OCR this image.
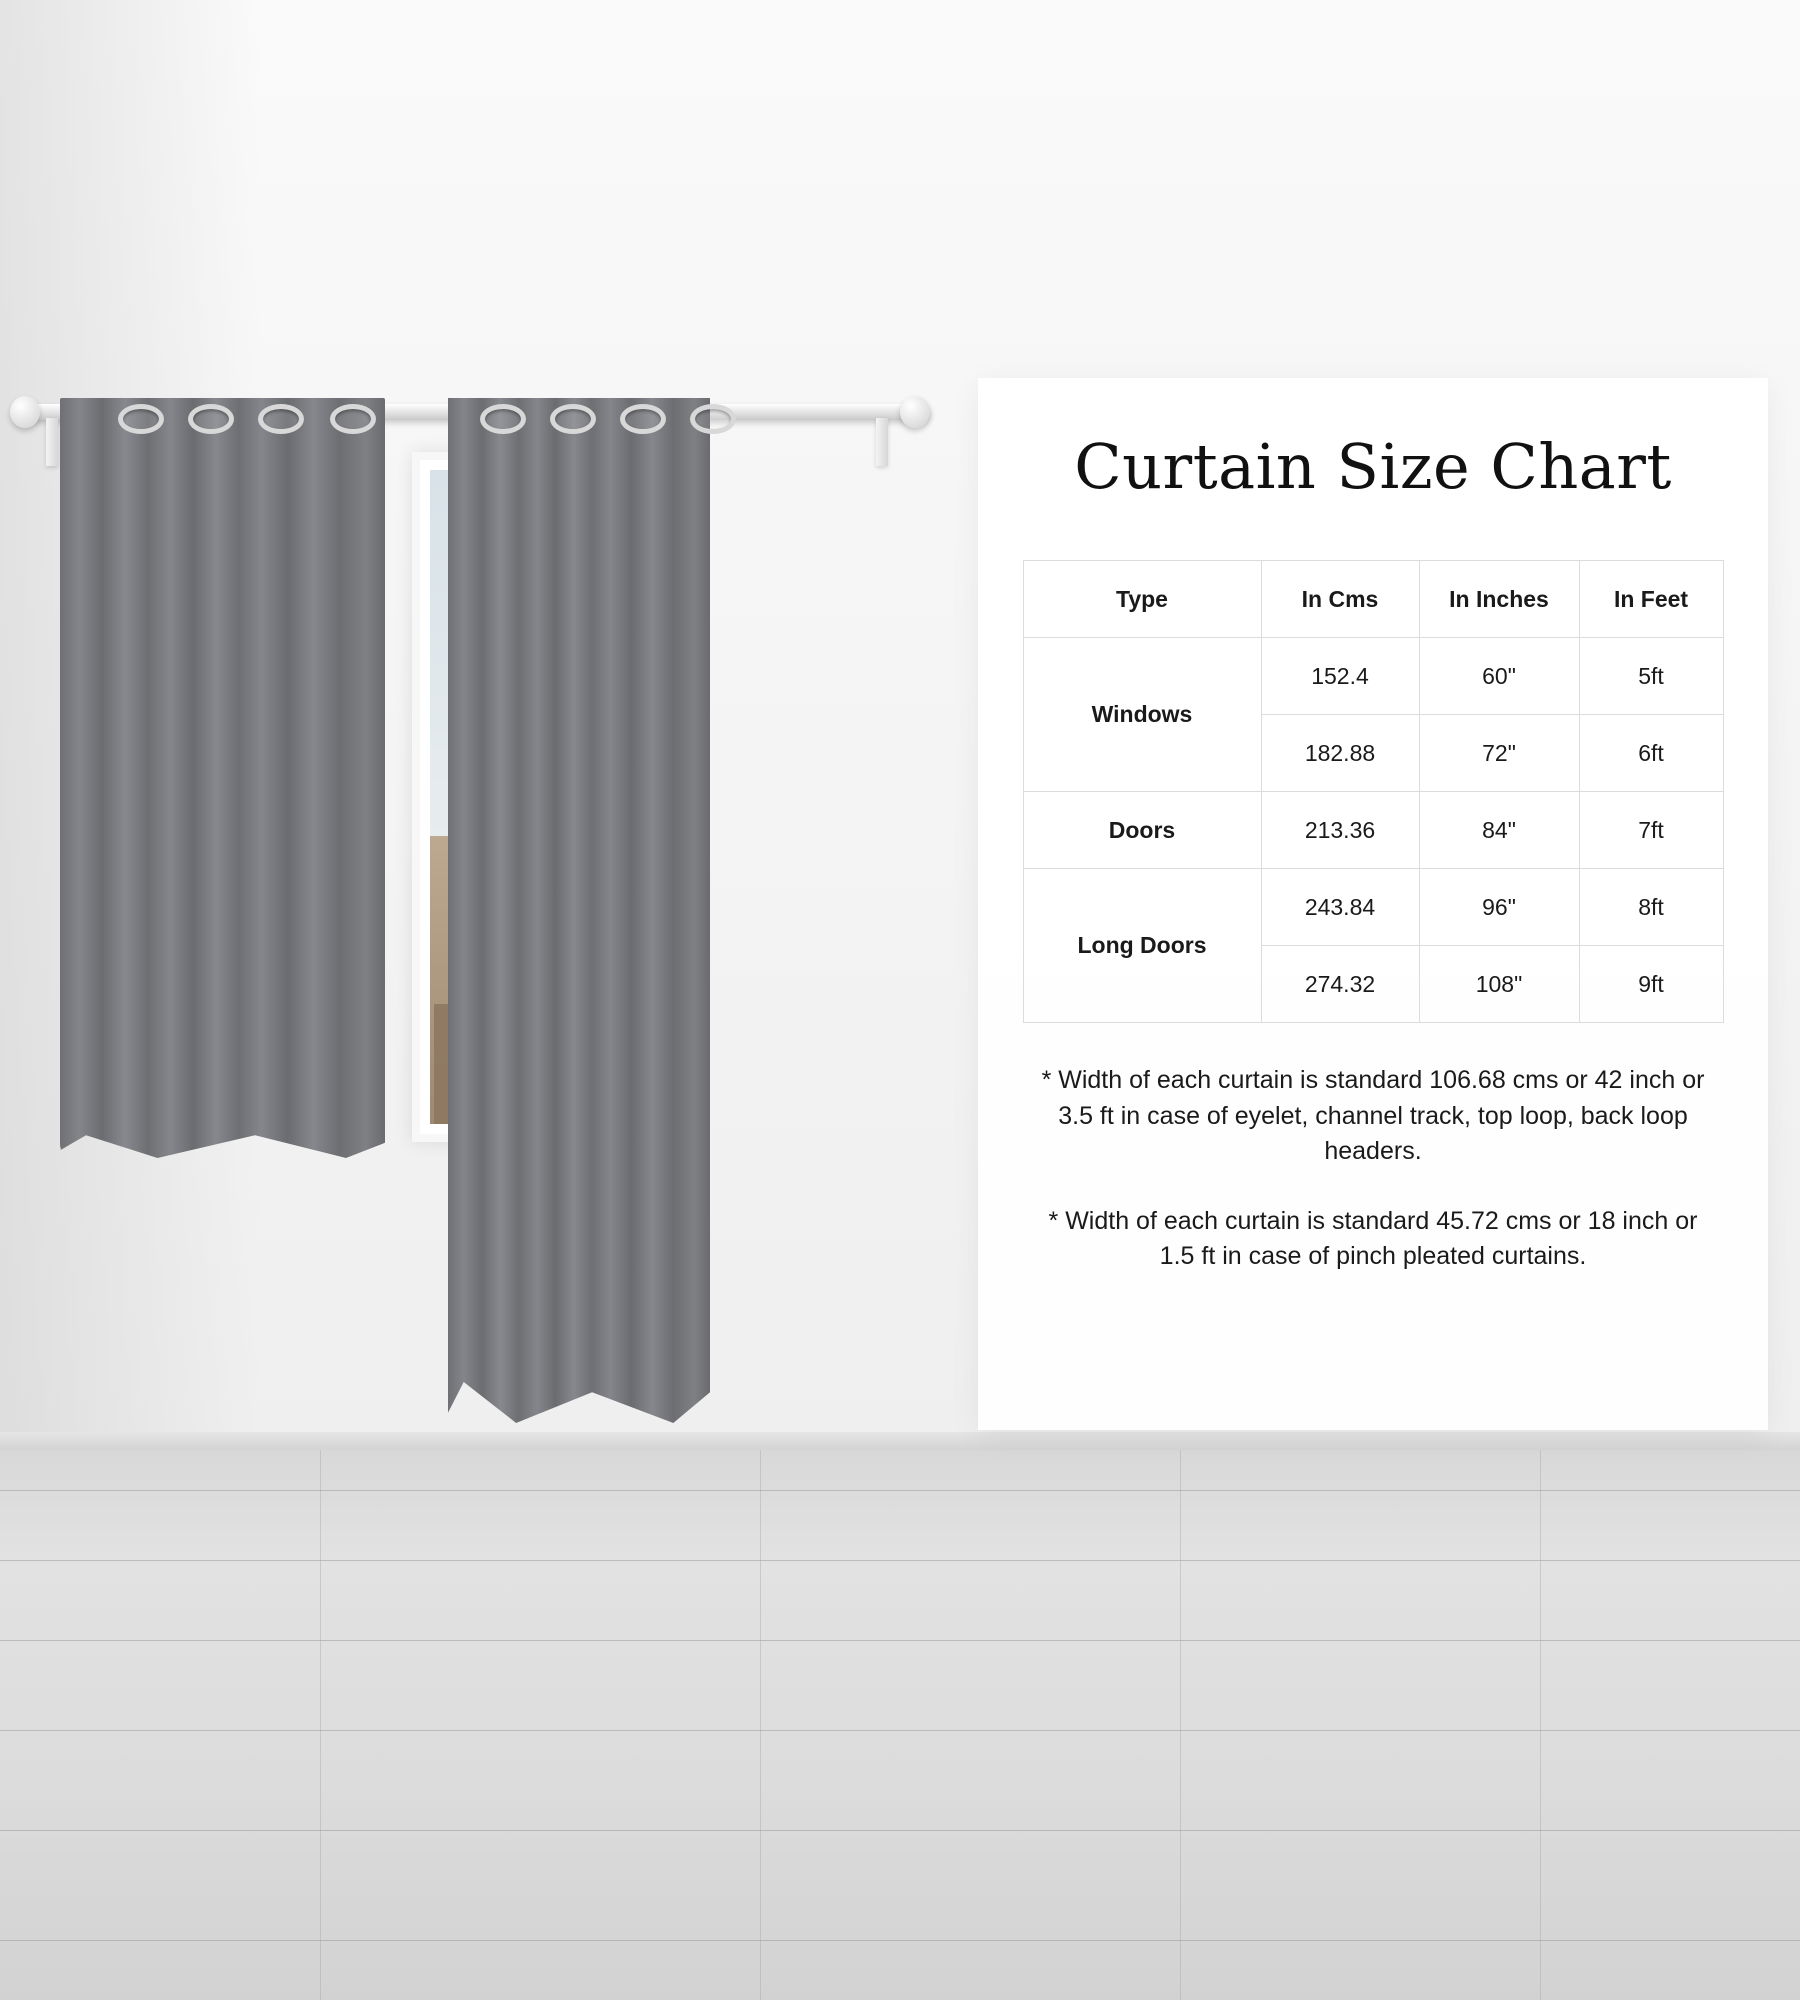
Curtain Size Chart
Type	In Cms	In Inches	In Feet
Windows	152.4	60"	5ft
	182.88	72"	6ft
Doors	213.36	84"	7ft
Long Doors	243.84	96"	8ft
	274.32	108"	9ft
* Width of each curtain is standard 106.68 cms or 42 inch or 3.5 ft in case of eyelet, channel track, top loop, back loop headers.
* Width of each curtain is standard 45.72 cms or 18 inch or 1.5 ft in case of pinch pleated curtains.
